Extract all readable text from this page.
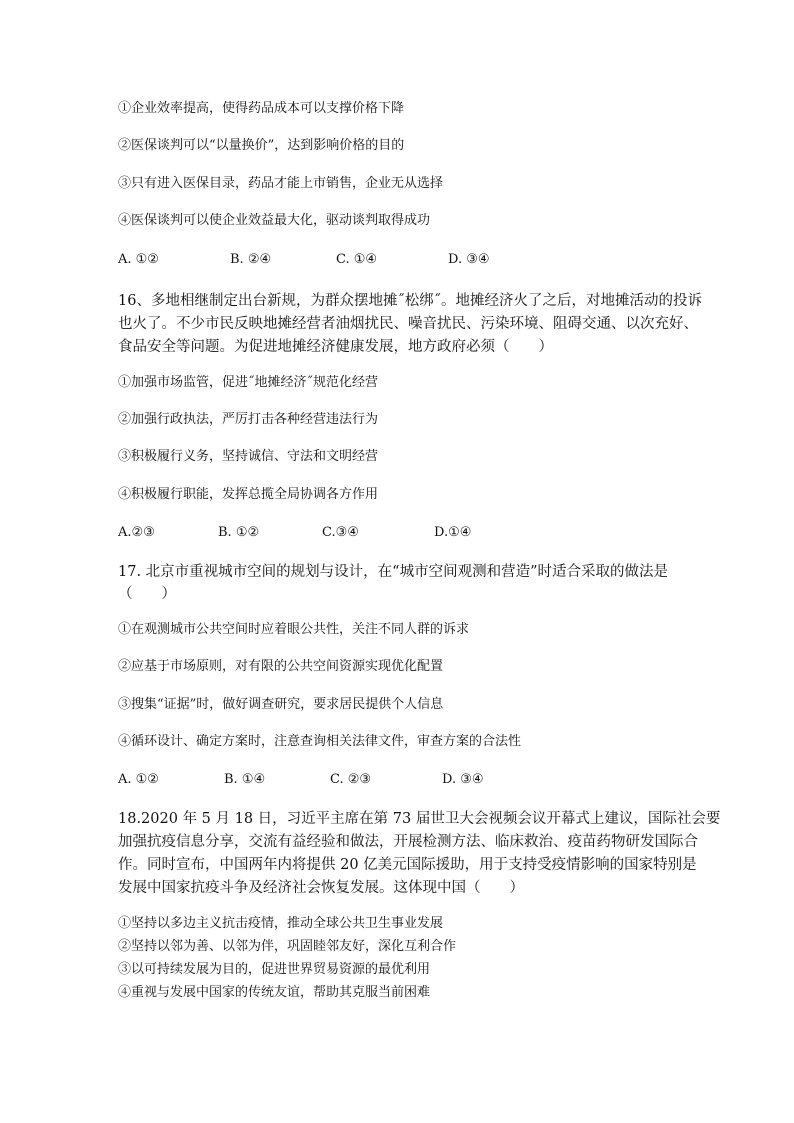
①企业效率提高，使得药品成本可以支撑价格下降
②医保谈判可以“以量换价”，达到影响价格的目的
③只有进入医保目录，药品才能上市销售，企业无从选择
④医保谈判可以使企业效益最大化，驱动谈判取得成功
A. ①②	B. ②④	C. ①④	D. ③④
16、多地相继制定出台新规，为群众摆地摊˝松绑˝。地摊经济火了之后，对地摊活动的投诉
也火了。不少市民反映地摊经营者油烟扰民、噪音扰民、污染环境、阻碍交通、以次充好、
食品安全等问题。为促进地摊经济健康发展，地方政府必须（　　）
①加强市场监管，促进˝地摊经济˝规范化经营
②加强行政执法，严厉打击各种经营违法行为
③积极履行义务，坚持诚信、守法和文明经营
④积极履行职能，发挥总揽全局协调各方作用
A.②③	B. ①②	C.③④	D.①④
17. 北京市重视城市空间的规划与设计，在“城市空间观测和营造”时适合采取的做法是
（　　）
①在观测城市公共空间时应着眼公共性，关注不同人群的诉求
②应基于市场原则，对有限的公共空间资源实现优化配置
③搜集“证据”时，做好调查研究，要求居民提供个人信息
④循环设计、确定方案时，注意查询相关法律文件，审查方案的合法性
A. ①②	B. ①④	C. ②③	D. ③④
18.2020 年 5 月 18 日，习近平主席在第 73 届世卫大会视频会议开幕式上建议，国际社会要
加强抗疫信息分享，交流有益经验和做法，开展检测方法、临床救治、疫苗药物研发国际合
作。同时宣布，中国两年内将提供 20 亿美元国际援助，用于支持受疫情影响的国家特别是
发展中国家抗疫斗争及经济社会恢复发展。这体现中国（　　）
①坚持以多边主义抗击疫情，推动全球公共卫生事业发展
②坚持以邻为善、以邻为伴，巩固睦邻友好，深化互利合作
③以可持续发展为目的，促进世界贸易资源的最优利用
④重视与发展中国家的传统友谊，帮助其克服当前困难
